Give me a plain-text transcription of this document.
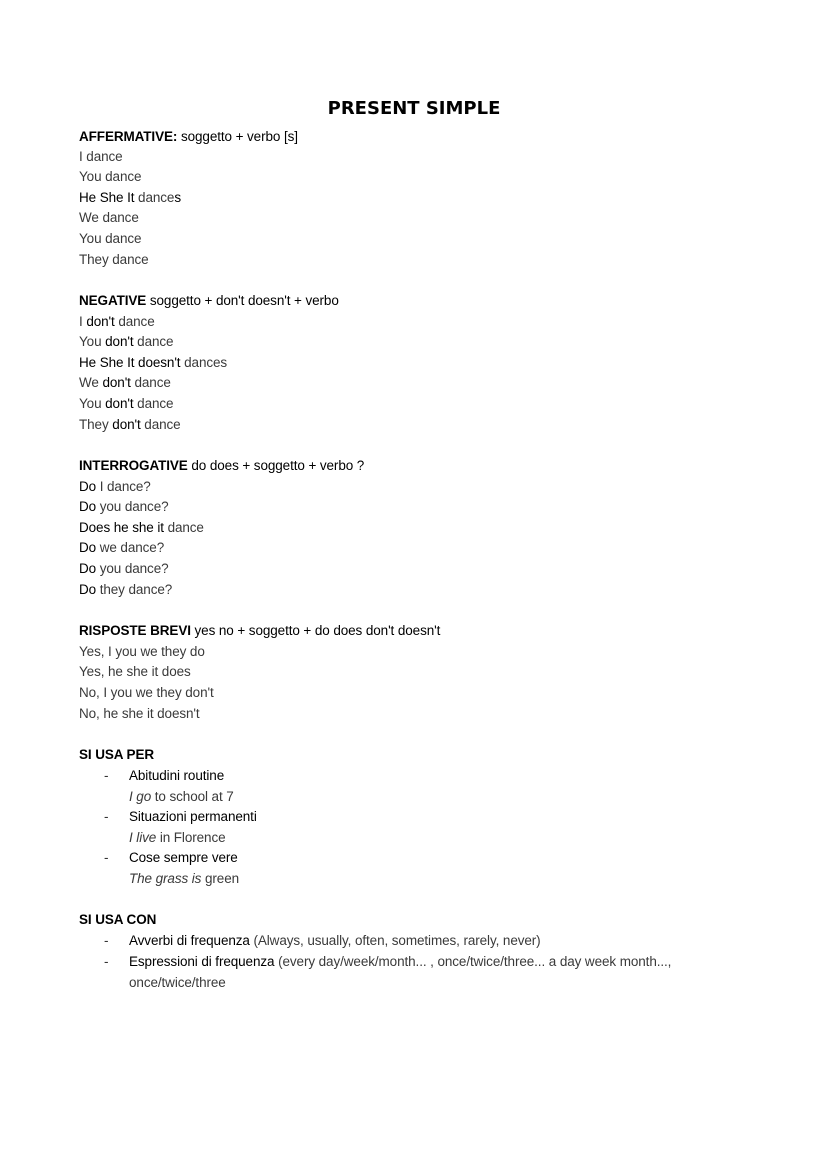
PRESENT SIMPLE
AFFERMATIVE: soggetto + verbo [s]
I dance
You dance
He She It dances
We dance
You dance
They dance
NEGATIVE soggetto + don't doesn't + verbo
I don't dance
You don't dance
He She It doesn't dances
We don't dance
You don't dance
They don't dance
INTERROGATIVE do does + soggetto + verbo ?
Do I dance?
Do you dance?
Does he she it dance
Do we dance?
Do you dance?
Do they dance?
RISPOSTE BREVI yes no + soggetto + do does don't doesn't
Yes, I you we they do
Yes, he she it does
No, I you we they don't
No, he she it doesn't
SI USA PER
- Abitudini routine
I go to school at 7
- Situazioni permanenti
I live in Florence
- Cose sempre vere
The grass is green
SI USA CON
- Avverbi di frequenza (Always, usually, often, sometimes, rarely, never)
- Espressioni di frequenza (every day/week/month... , once/twice/three... a day week month...,
once/twice/three
